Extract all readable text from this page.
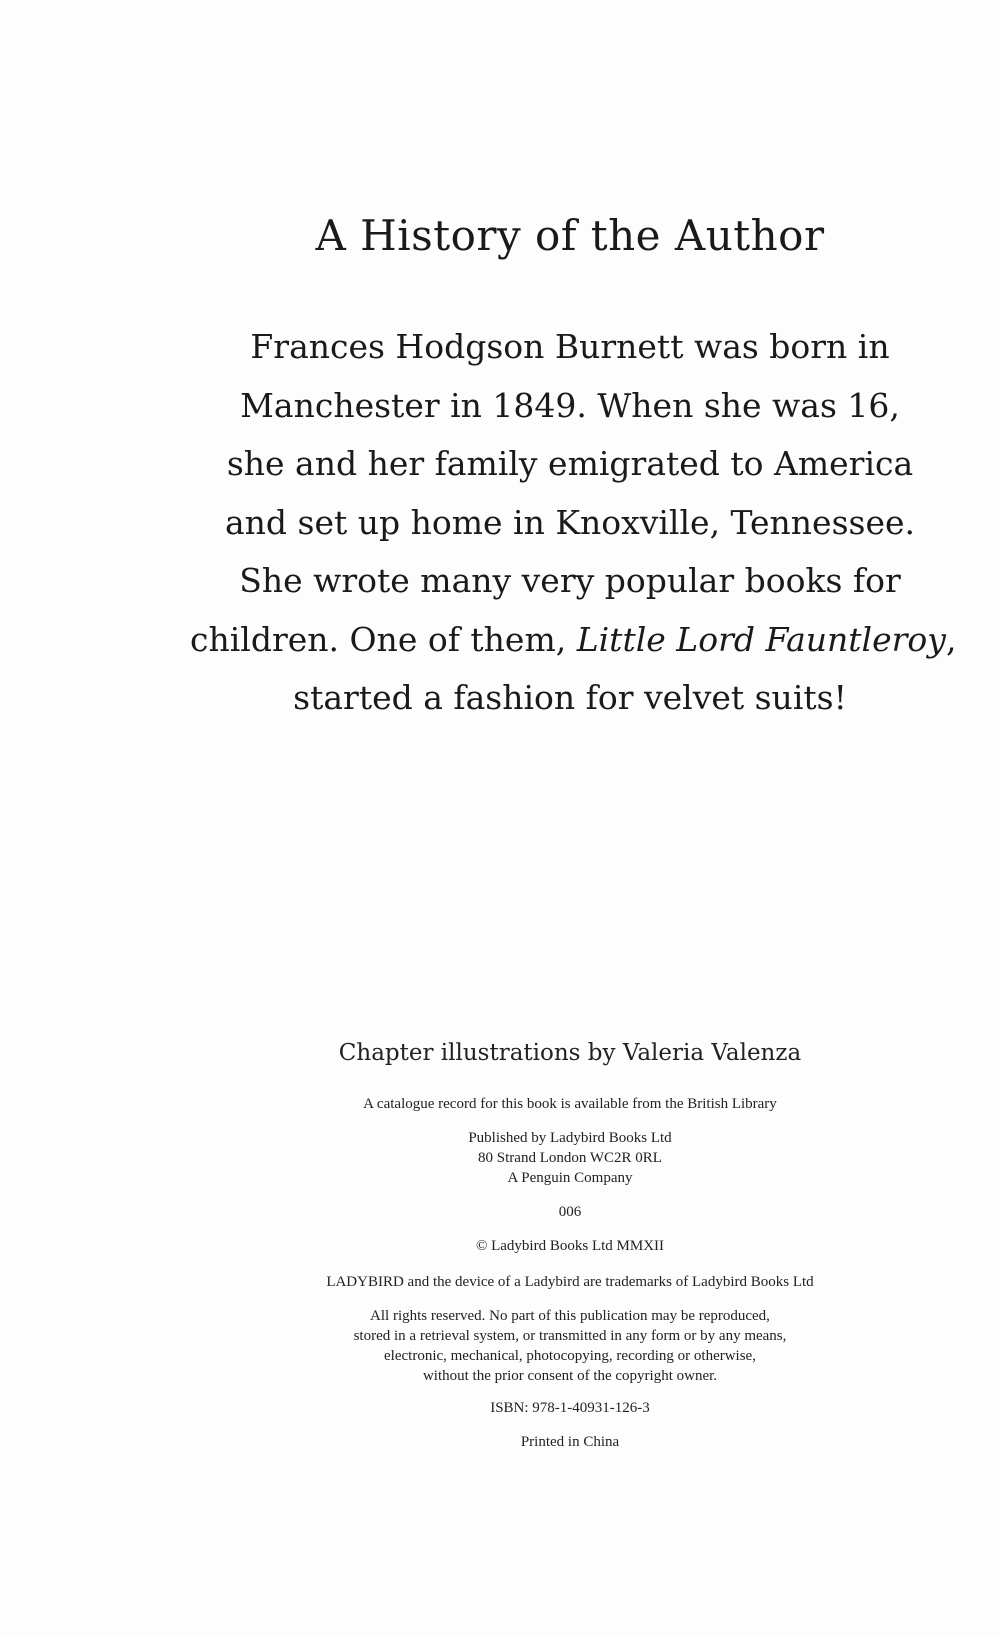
A History of the Author
Frances Hodgson Burnett was born in
Manchester in 1849. When she was 16,
she and her family emigrated to America
and set up home in Knoxville, Tennessee.
She wrote many very popular books for
children. One of them, Little Lord Fauntleroy,
started a fashion for velvet suits!
Chapter illustrations by Valeria Valenza
A catalogue record for this book is available from the British Library
Published by Ladybird Books Ltd
80 Strand London WC2R 0RL
A Penguin Company
006
© Ladybird Books Ltd MMXII
LADYBIRD and the device of a Ladybird are trademarks of Ladybird Books Ltd
All rights reserved. No part of this publication may be reproduced,
stored in a retrieval system, or transmitted in any form or by any means,
electronic, mechanical, photocopying, recording or otherwise,
without the prior consent of the copyright owner.
ISBN: 978-1-40931-126-3
Printed in China
